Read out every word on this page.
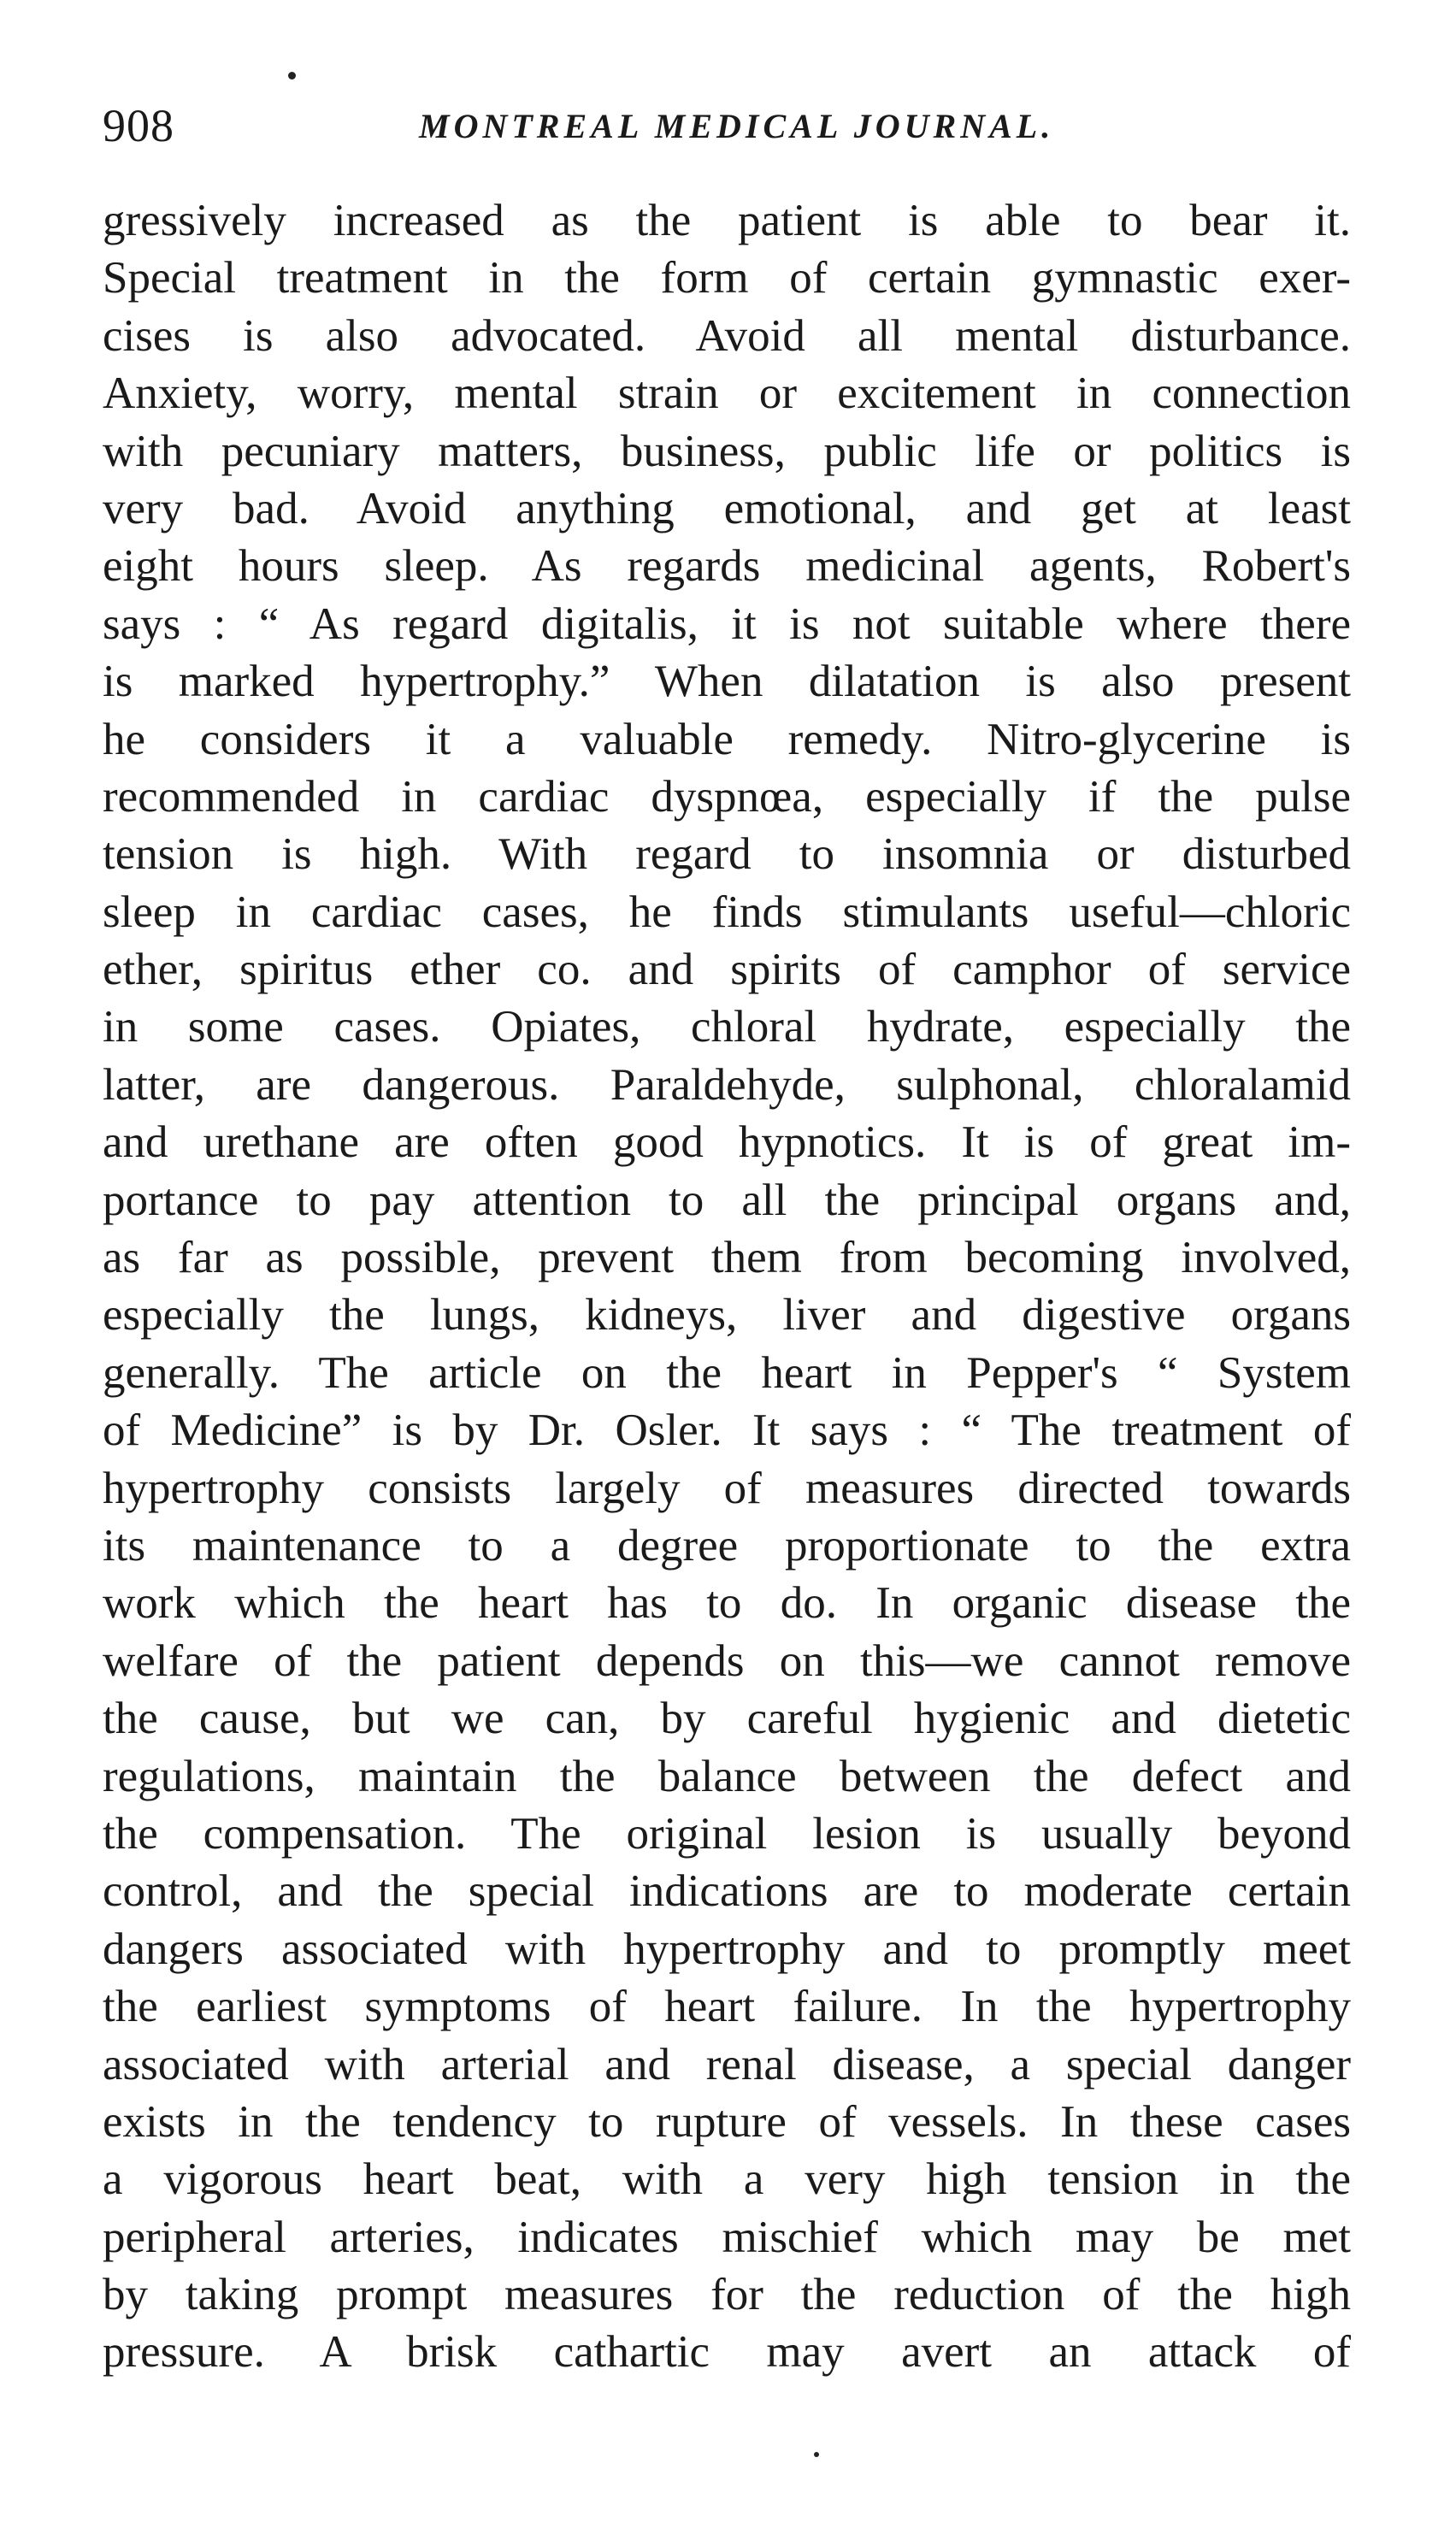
908	MONTREAL MEDICAL JOURNAL.
gressively increased as the patient is able to bear it.
Special treatment in the form of certain gymnastic exer-
cises is also advocated. Avoid all mental disturbance.
Anxiety, worry, mental strain or excitement in connection
with pecuniary matters, business, public life or politics is
very bad. Avoid anything emotional, and get at least
eight hours sleep. As regards medicinal agents, Robert's
says : “ As regard digitalis, it is not suitable where there
is marked hypertrophy.” When dilatation is also present
he considers it a valuable remedy. Nitro-glycerine is
recommended in cardiac dyspnœa, especially if the pulse
tension is high. With regard to insomnia or disturbed
sleep in cardiac cases, he finds stimulants useful—chloric
ether, spiritus ether co. and spirits of camphor of service
in some cases. Opiates, chloral hydrate, especially the
latter, are dangerous. Paraldehyde, sulphonal, chloralamid
and urethane are often good hypnotics. It is of great im-
portance to pay attention to all the principal organs and,
as far as possible, prevent them from becoming involved,
especially the lungs, kidneys, liver and digestive organs
generally. The article on the heart in Pepper's “ System
of Medicine” is by Dr. Osler. It says : “ The treatment of
hypertrophy consists largely of measures directed towards
its maintenance to a degree proportionate to the extra
work which the heart has to do. In organic disease the
welfare of the patient depends on this—we cannot remove
the cause, but we can, by careful hygienic and dietetic
regulations, maintain the balance between the defect and
the compensation. The original lesion is usually beyond
control, and the special indications are to moderate certain
dangers associated with hypertrophy and to promptly meet
the earliest symptoms of heart failure. In the hypertrophy
associated with arterial and renal disease, a special danger
exists in the tendency to rupture of vessels. In these cases
a vigorous heart beat, with a very high tension in the
peripheral arteries, indicates mischief which may be met
by taking prompt measures for the reduction of the high
pressure. A brisk cathartic may avert an attack of
